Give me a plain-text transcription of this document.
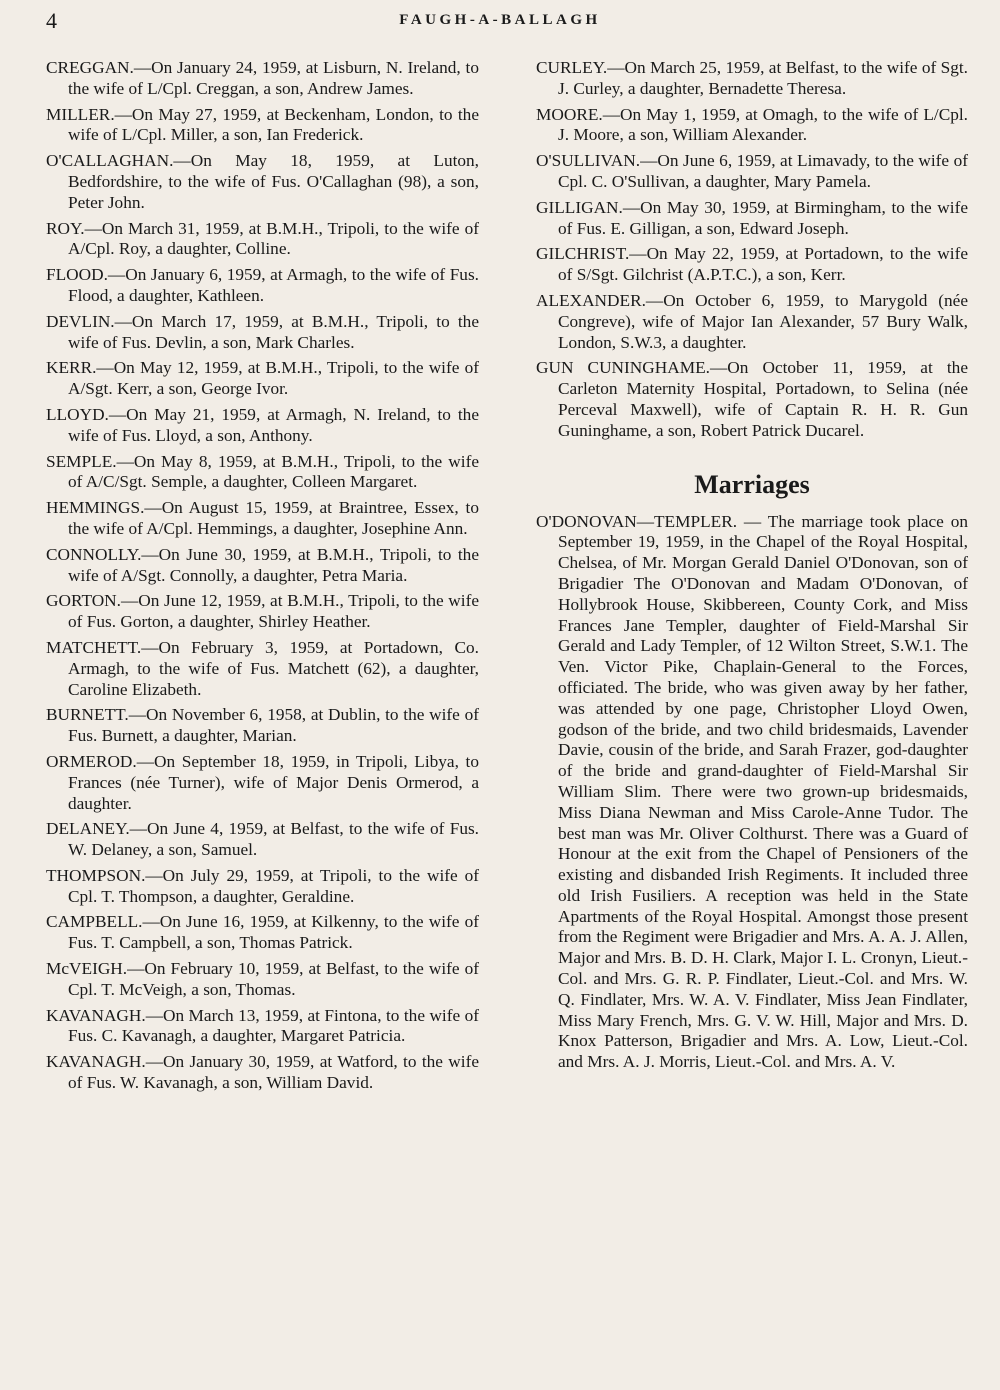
4	FAUGH-A-BALLAGH

CREGGAN.—On January 24, 1959, at Lisburn, N. Ireland, to the wife of L/Cpl. Creggan, a son, Andrew James.

MILLER.—On May 27, 1959, at Beckenham, London, to the wife of L/Cpl. Miller, a son, Ian Frederick.

O'CALLAGHAN.—On May 18, 1959, at Luton, Bedfordshire, to the wife of Fus. O'Callaghan (98), a son, Peter John.

ROY.—On March 31, 1959, at B.M.H., Tripoli, to the wife of A/Cpl. Roy, a daughter, Colline.

FLOOD.—On January 6, 1959, at Armagh, to the wife of Fus. Flood, a daughter, Kathleen.

DEVLIN.—On March 17, 1959, at B.M.H., Tripoli, to the wife of Fus. Devlin, a son, Mark Charles.

KERR.—On May 12, 1959, at B.M.H., Tripoli, to the wife of A/Sgt. Kerr, a son, George Ivor.

LLOYD.—On May 21, 1959, at Armagh, N. Ireland, to the wife of Fus. Lloyd, a son, Anthony.

SEMPLE.—On May 8, 1959, at B.M.H., Tripoli, to the wife of A/C/Sgt. Semple, a daughter, Colleen Margaret.

HEMMINGS.—On August 15, 1959, at Braintree, Essex, to the wife of A/Cpl. Hemmings, a daughter, Josephine Ann.

CONNOLLY.—On June 30, 1959, at B.M.H., Tripoli, to the wife of A/Sgt. Connolly, a daughter, Petra Maria.

GORTON.—On June 12, 1959, at B.M.H., Tripoli, to the wife of Fus. Gorton, a daughter, Shirley Heather.

MATCHETT.—On February 3, 1959, at Portadown, Co. Armagh, to the wife of Fus. Matchett (62), a daughter, Caroline Elizabeth.

BURNETT.—On November 6, 1958, at Dublin, to the wife of Fus. Burnett, a daughter, Marian.

ORMEROD.—On September 18, 1959, in Tripoli, Libya, to Frances (née Turner), wife of Major Denis Ormerod, a daughter.

DELANEY.—On June 4, 1959, at Belfast, to the wife of Fus. W. Delaney, a son, Samuel.

THOMPSON.—On July 29, 1959, at Tripoli, to the wife of Cpl. T. Thompson, a daughter, Geraldine.

CAMPBELL.—On June 16, 1959, at Kilkenny, to the wife of Fus. T. Campbell, a son, Thomas Patrick.

McVEIGH.—On February 10, 1959, at Belfast, to the wife of Cpl. T. McVeigh, a son, Thomas.

KAVANAGH.—On March 13, 1959, at Fintona, to the wife of Fus. C. Kavanagh, a daughter, Margaret Patricia.

KAVANAGH.—On January 30, 1959, at Watford, to the wife of Fus. W. Kavanagh, a son, William David.

CURLEY.—On March 25, 1959, at Belfast, to the wife of Sgt. J. Curley, a daughter, Bernadette Theresa.

MOORE.—On May 1, 1959, at Omagh, to the wife of L/Cpl. J. Moore, a son, William Alexander.

O'SULLIVAN.—On June 6, 1959, at Limavady, to the wife of Cpl. C. O'Sullivan, a daughter, Mary Pamela.

GILLIGAN.—On May 30, 1959, at Birmingham, to the wife of Fus. E. Gilligan, a son, Edward Joseph.

GILCHRIST.—On May 22, 1959, at Portadown, to the wife of S/Sgt. Gilchrist (A.P.T.C.), a son, Kerr.

ALEXANDER.—On October 6, 1959, to Marygold (née Congreve), wife of Major Ian Alexander, 57 Bury Walk, London, S.W.3, a daughter.

GUN CUNINGHAME.—On October 11, 1959, at the Carleton Maternity Hospital, Portadown, to Selina (née Perceval Maxwell), wife of Captain R. H. R. Gun Guninghame, a son, Robert Patrick Ducarel.

Marriages

O'DONOVAN—TEMPLER. — The marriage took place on September 19, 1959, in the Chapel of the Royal Hospital, Chelsea, of Mr. Morgan Gerald Daniel O'Donovan, son of Brigadier The O'Donovan and Madam O'Donovan, of Hollybrook House, Skibbereen, County Cork, and Miss Frances Jane Templer, daughter of Field-Marshal Sir Gerald and Lady Templer, of 12 Wilton Street, S.W.1. The Ven. Victor Pike, Chaplain-General to the Forces, officiated. The bride, who was given away by her father, was attended by one page, Christopher Lloyd Owen, godson of the bride, and two child bridesmaids, Lavender Davie, cousin of the bride, and Sarah Frazer, god-daughter of the bride and grand-daughter of Field-Marshal Sir William Slim. There were two grown-up bridesmaids, Miss Diana Newman and Miss Carole-Anne Tudor. The best man was Mr. Oliver Colthurst. There was a Guard of Honour at the exit from the Chapel of Pensioners of the existing and disbanded Irish Regiments. It included three old Irish Fusiliers. A reception was held in the State Apartments of the Royal Hospital. Amongst those present from the Regiment were Brigadier and Mrs. A. A. J. Allen, Major and Mrs. B. D. H. Clark, Major I. L. Cronyn, Lieut.-Col. and Mrs. G. R. P. Findlater, Lieut.-Col. and Mrs. W. Q. Findlater, Mrs. W. A. V. Findlater, Miss Jean Findlater, Miss Mary French, Mrs. G. V. W. Hill, Major and Mrs. D. Knox Patterson, Brigadier and Mrs. A. Low, Lieut.-Col. and Mrs. A. J. Morris, Lieut.-Col. and Mrs. A. V.
